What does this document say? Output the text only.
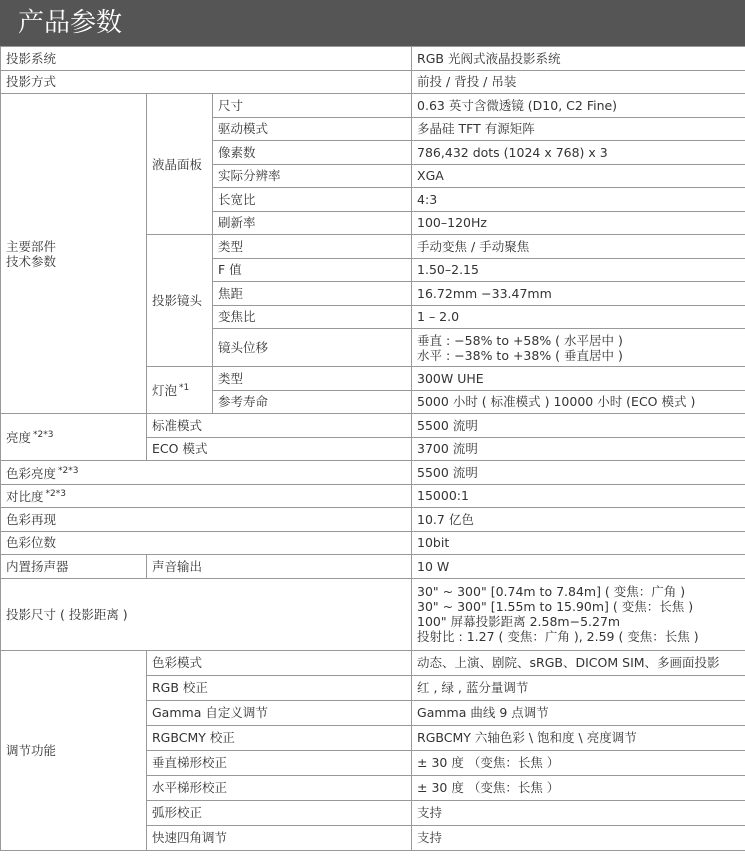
产品参数
投影系统			RGB 光阀式液晶投影系统
投影方式			前投 / 背投 / 吊装

主要部件
技术参数	液晶面板	尺寸	0.63 英寸含微透镜 (D10, C2 Fine)
		驱动模式	多晶硅 TFT 有源矩阵
		像素数	786,432 dots (1024 x 768) x 3
		实际分辨率	XGA
		长宽比	4:3
		刷新率	100–120Hz
	投影镜头	类型	手动变焦 / 手动聚焦
		F 值	1.50–2.15
		焦距	16.72mm −33.47mm
		变焦比	1 – 2.0
		镜头位移	垂直 : −58% to +58% ( 水平居中 )
水平 : −38% to +38% ( 垂直居中 )

	灯泡 $^{*1}$	类型	300W UHE
		参考寿命	5000 小时 ( 标准模式 ) 10000 小时 (ECO 模式 )
亮度 $^{*2*3}$	标准模式		5500 流明
	ECO 模式		3700 流明
色彩亮度 $^{*2*3}$			5500 流明
对比度 $^{*2*3}$			15000:1
色彩再现			10.7 亿色
色彩位数			10bit
内置扬声器	声音输出		10 W
投影尺寸 ( 投影距离 )			30" ~ 300" [0.74m to 7.84m] ( 变焦：广角 )
30" ~ 300" [1.55m to 15.90m] ( 变焦：长焦 )
100" 屏幕投影距离 2.58m−5.27m
投射比 : 1.27 ( 变焦：广角 ), 2.59 ( 变焦：长焦 )

调节功能	色彩模式		动态、上演、剧院、sRGB、DICOM SIM、多画面投影
	RGB 校正		红 , 绿 , 蓝分量调节
	Gamma 自定义调节		Gamma 曲线 9 点调节
	RGBCMY 校正		RGBCMY 六轴色彩 \ 饱和度 \ 亮度调节
	垂直梯形校正		± 30 度 （变焦：长焦 ）
	水平梯形校正		± 30 度 （变焦：长焦 ）
	弧形校正		支持
	快速四角调节		支持
